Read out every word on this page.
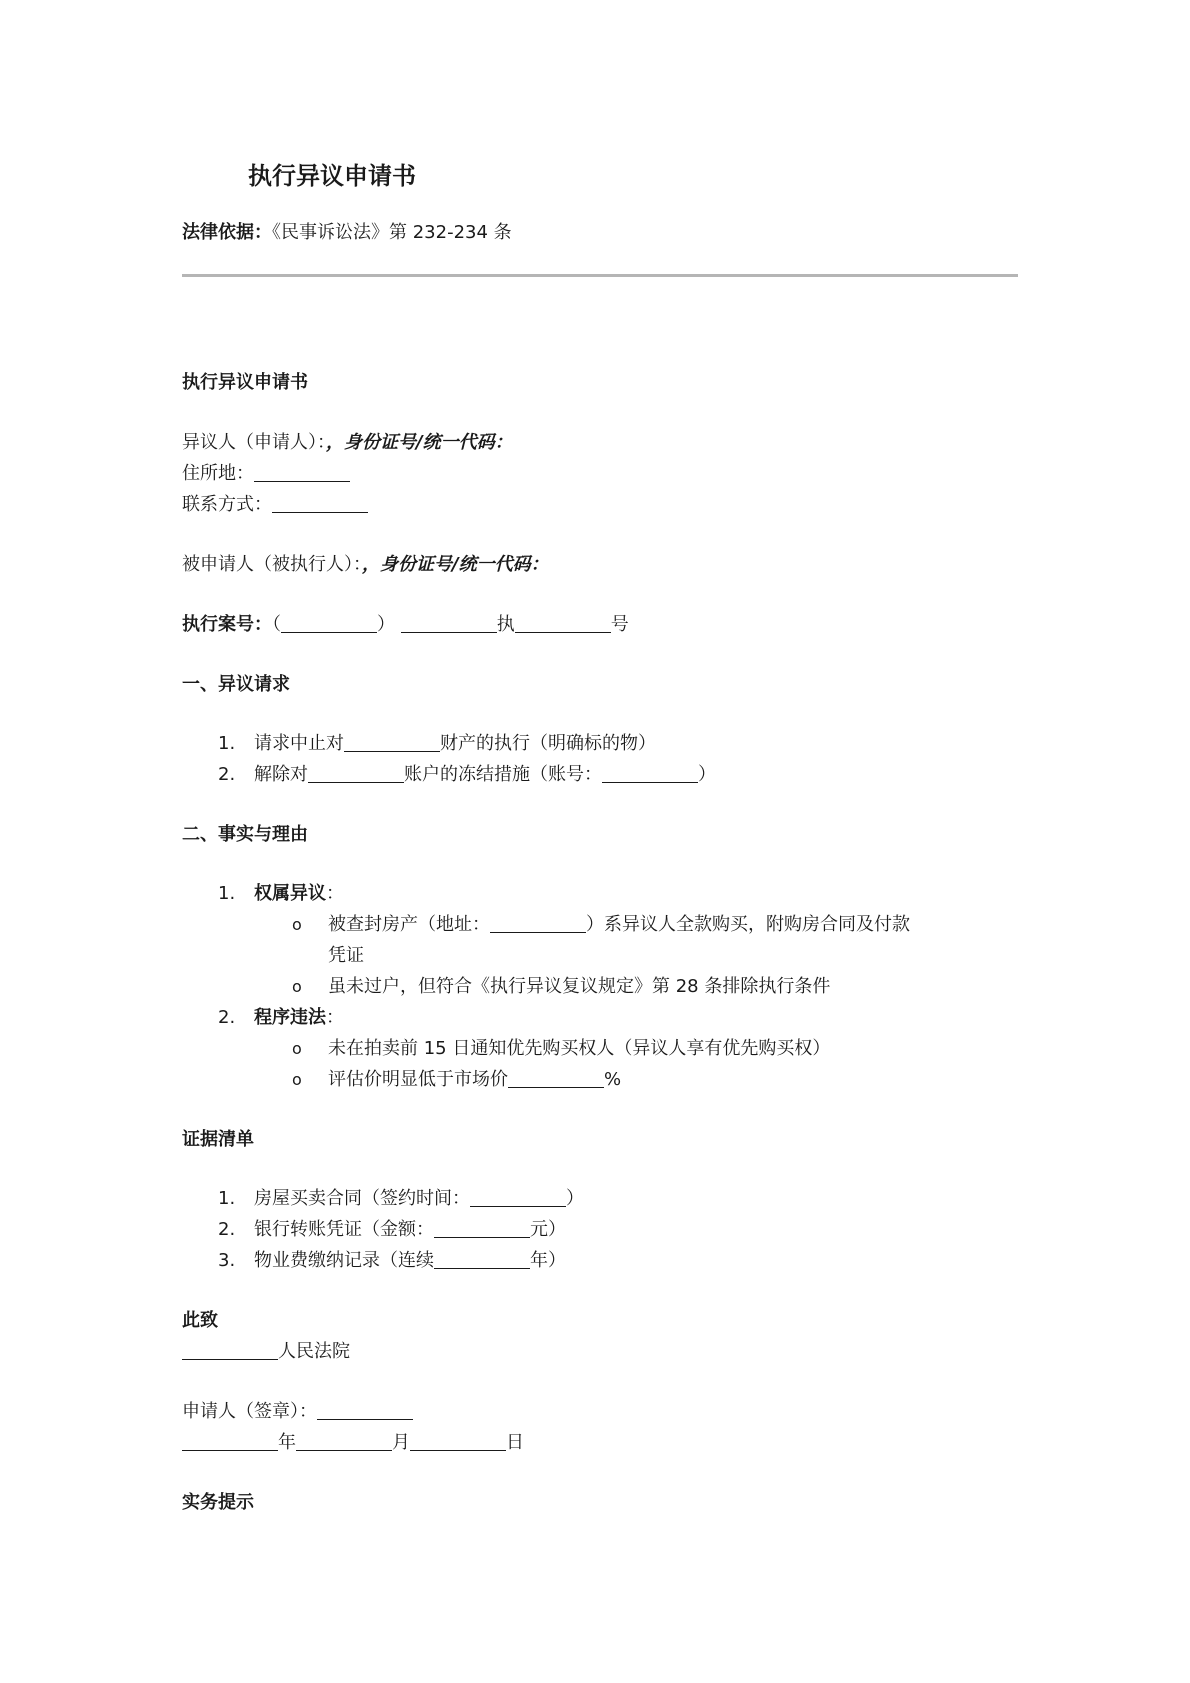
执行异议申请书
法律依据：《民事诉讼法》第 232-234 条
执行异议申请书
异议人（申请人）：，身份证号/统一代码：
住所地：
联系方式：
被申请人（被执行人）：，身份证号/统一代码：
执行案号：（	）	执	号
一、异议请求
1. 请求中止对	财产的执行（明确标的物）
2. 解除对	账户的冻结措施（账号：	）
二、事实与理由
1. 权属异议：
o 被查封房产（地址：	）系异议人全款购买，附购房合同及付款
凭证
o 虽未过户，但符合《执行异议复议规定》第 28 条排除执行条件
2. 程序违法：
o 未在拍卖前 15 日通知优先购买权人（异议人享有优先购买权）
o 评估价明显低于市场价	%
证据清单
1. 房屋买卖合同（签约时间：	）
2. 银行转账凭证（金额：	元）
3. 物业费缴纳记录（连续	年）
此致
人民法院
申请人（签章）：
年	月	日
实务提示
